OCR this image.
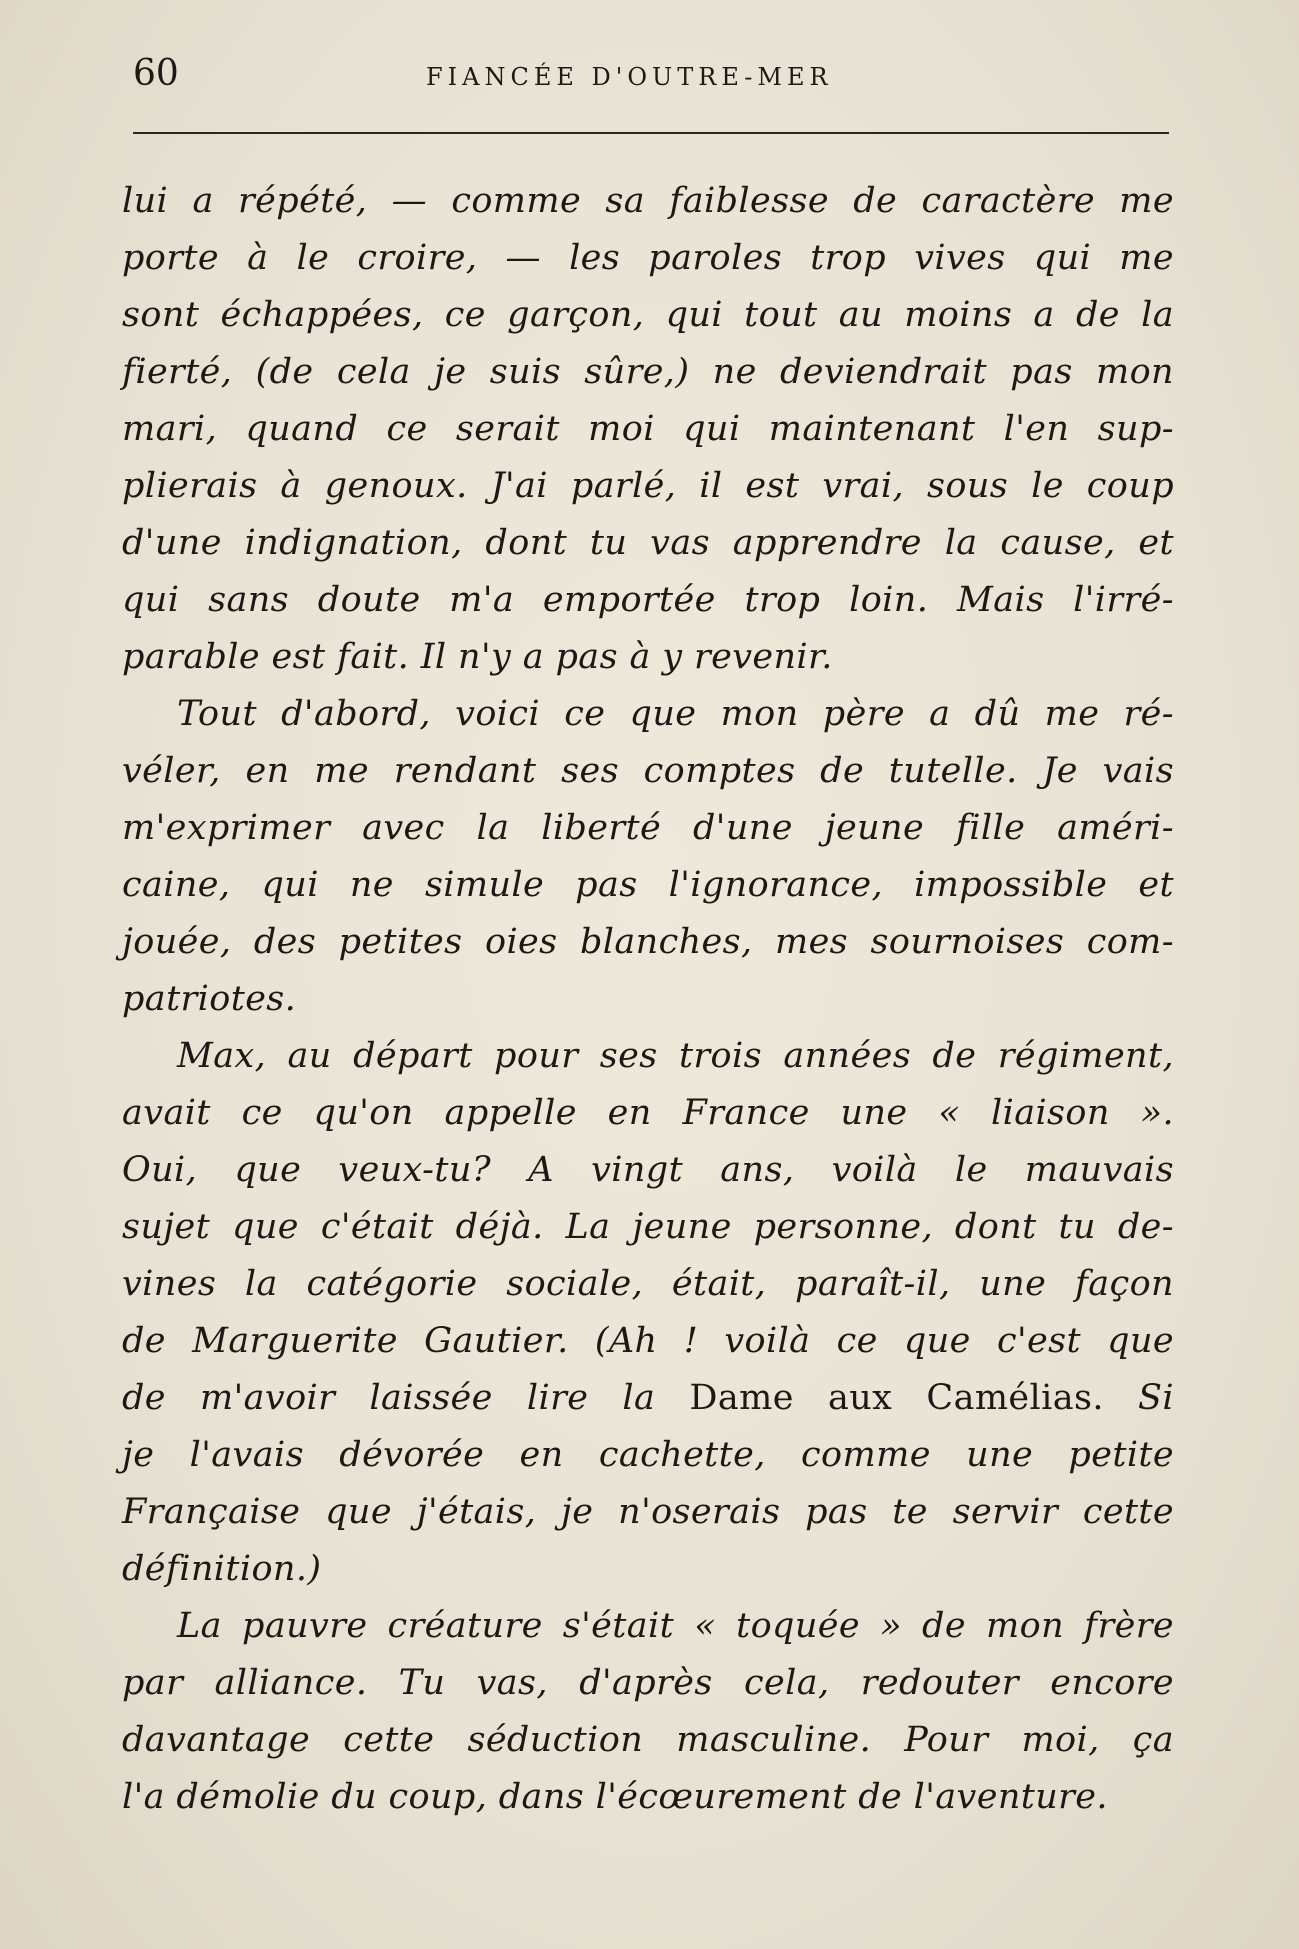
60	FIANCÉE D'OUTRE-MER
lui a répété, — comme sa faiblesse de caractère me
porte à le croire, — les paroles trop vives qui me
sont échappées, ce garçon, qui tout au moins a de la
fierté, (de cela je suis sûre,) ne deviendrait pas mon
mari, quand ce serait moi qui maintenant l'en sup-
plierais à genoux. J'ai parlé, il est vrai, sous le coup
d'une indignation, dont tu vas apprendre la cause, et
qui sans doute m'a emportée trop loin. Mais l'irré-
parable est fait. Il n'y a pas à y revenir.
Tout d'abord, voici ce que mon père a dû me ré-
véler, en me rendant ses comptes de tutelle. Je vais
m'exprimer avec la liberté d'une jeune fille améri-
caine, qui ne simule pas l'ignorance, impossible et
jouée, des petites oies blanches, mes sournoises com-
patriotes.
Max, au départ pour ses trois années de régiment,
avait ce qu'on appelle en France une « liaison ».
Oui, que veux-tu? A vingt ans, voilà le mauvais
sujet que c'était déjà. La jeune personne, dont tu de-
vines la catégorie sociale, était, paraît-il, une façon
de Marguerite Gautier. (Ah ! voilà ce que c'est que
de m'avoir laissée lire la Dame aux Camélias. Si
je l'avais dévorée en cachette, comme une petite
Française que j'étais, je n'oserais pas te servir cette
définition.)
La pauvre créature s'était « toquée » de mon frère
par alliance. Tu vas, d'après cela, redouter encore
davantage cette séduction masculine. Pour moi, ça
l'a démolie du coup, dans l'écœurement de l'aventure.
